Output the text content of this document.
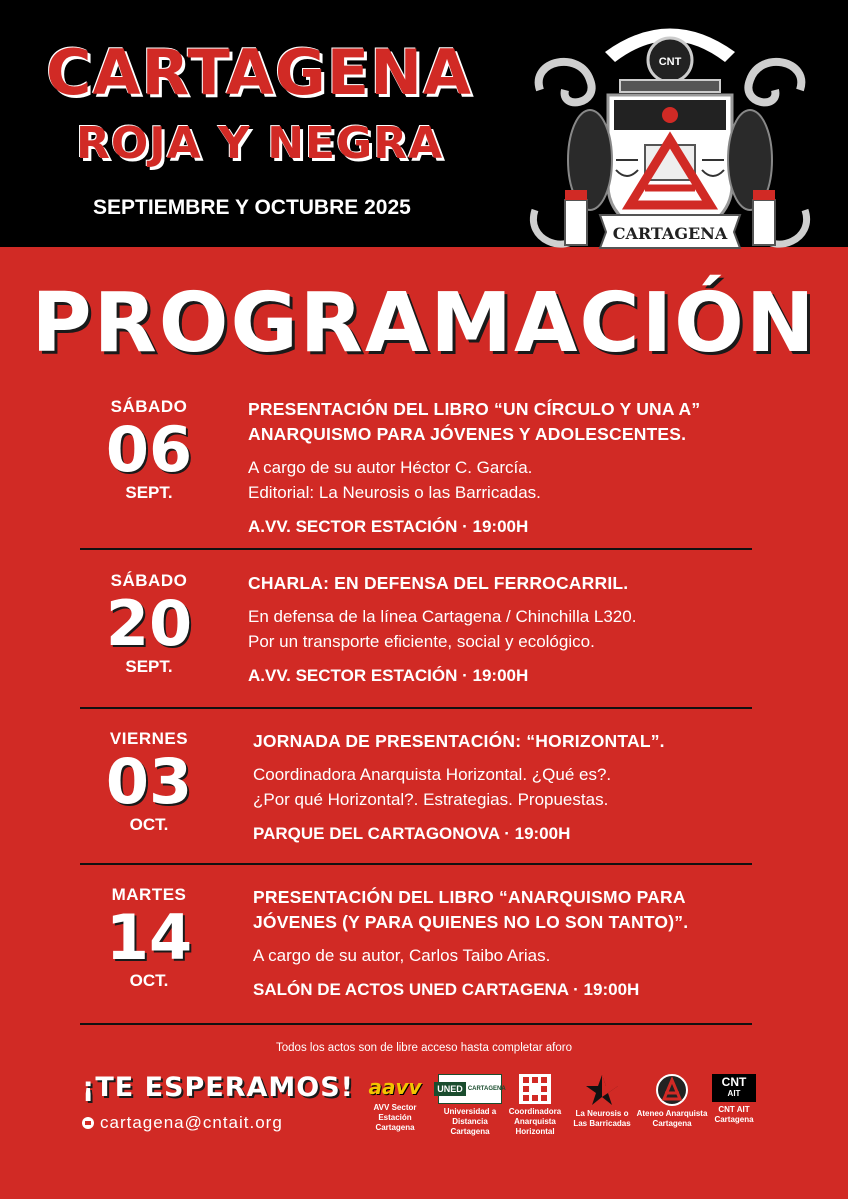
CARTAGENA
ROJA Y NEGRA
SEPTIEMBRE Y OCTUBRE 2025
CNT
CARTAGENA
PROGRAMACIÓN
SÁBADO
06
SEPT.
PRESENTACIÓN DEL LIBRO “UN CÍRCULO Y UNA A”
ANARQUISMO PARA JÓVENES Y ADOLESCENTES.
A cargo de su autor Héctor C. García.
Editorial: La Neurosis o las Barricadas.
A.VV. SECTOR ESTACIÓN · 19:00H
SÁBADO
20
SEPT.
CHARLA: EN DEFENSA DEL FERROCARRIL.
En defensa de la línea Cartagena / Chinchilla L320.
Por un transporte eficiente, social y ecológico.
A.VV. SECTOR ESTACIÓN · 19:00H
VIERNES
03
OCT.
JORNADA DE PRESENTACIÓN: “HORIZONTAL”.
Coordinadora Anarquista Horizontal. ¿Qué es?.
¿Por qué Horizontal?. Estrategias. Propuestas.
PARQUE DEL CARTAGONOVA · 19:00H
MARTES
14
OCT.
PRESENTACIÓN DEL LIBRO “ANARQUISMO PARA
JÓVENES (Y PARA QUIENES NO LO SON TANTO)”.
A cargo de su autor, Carlos Taibo Arias.
SALÓN DE ACTOS UNED CARTAGENA · 19:00H
Todos los actos son de libre acceso hasta completar aforo
¡TE ESPERAMOS!
cartagena@cntait.org
aavv
AVV Sector
Estación
Cartagena
UNED CARTAGENA
Universidad a
Distancia
Cartagena
Coordinadora
Anarquista
Horizontal
La Neurosis o
Las Barricadas
Ateneo Anarquista
Cartagena
CNT
AIT
CNT AIT
Cartagena
